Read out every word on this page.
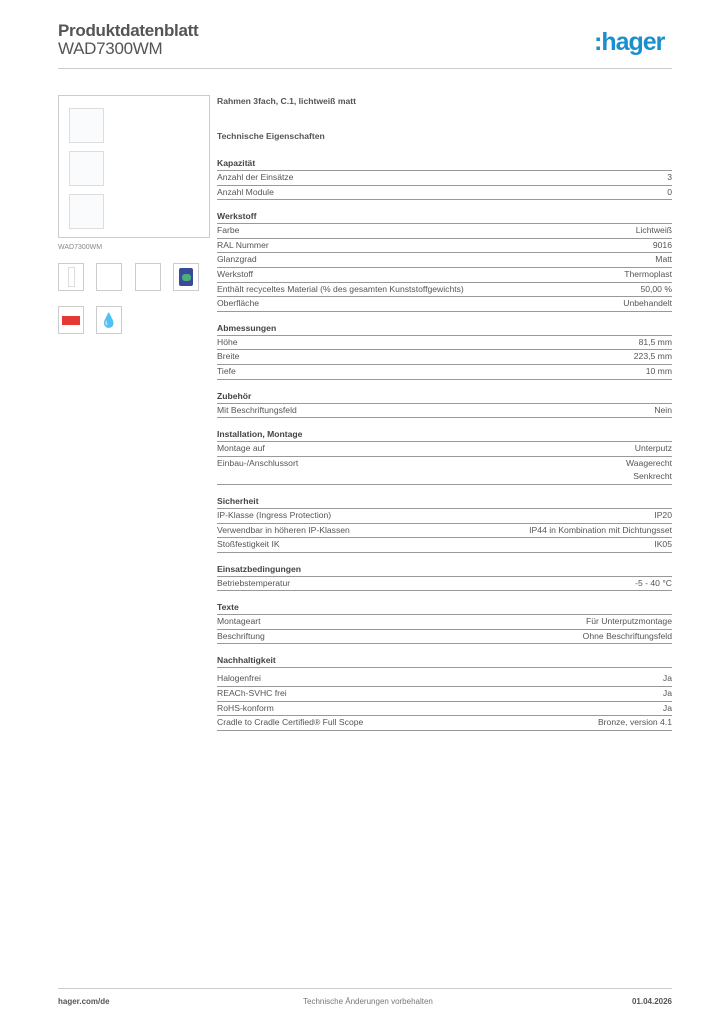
Produktdatenblatt
WAD7300WM	:hager
WAD7300WM
💧
Rahmen 3fach, C.1, lichtweiß matt
Technische Eigenschaften
Kapazität
Anzahl der Einsätze	3
Anzahl Module	0
Werkstoff
Farbe	Lichtweiß
RAL Nummer	9016
Glanzgrad	Matt
Werkstoff	Thermoplast
Enthält recyceltes Material (% des gesamten Kunststoffgewichts)	50,00 %
Oberfläche	Unbehandelt
Abmessungen
Höhe	81,5 mm
Breite	223,5 mm
Tiefe	10 mm
Zubehör
Mit Beschriftungsfeld	Nein
Installation, Montage
Montage auf	Unterputz
Einbau-/Anschlussort	Waagerecht
Senkrecht
Sicherheit
IP-Klasse (Ingress Protection)	IP20
Verwendbar in höheren IP-Klassen	IP44 in Kombination mit Dichtungsset
Stoßfestigkeit IK	IK05
Einsatzbedingungen
Betriebstemperatur	-5 - 40 °C
Texte
Montageart	Für Unterputzmontage
Beschriftung	Ohne Beschriftungsfeld
Nachhaltigkeit
Halogenfrei	Ja
REACh-SVHC frei	Ja
RoHS-konform	Ja
Cradle to Cradle Certified® Full Scope	Bronze, version 4.1
hager.com/de	Technische Änderungen vorbehalten	01.04.2026
